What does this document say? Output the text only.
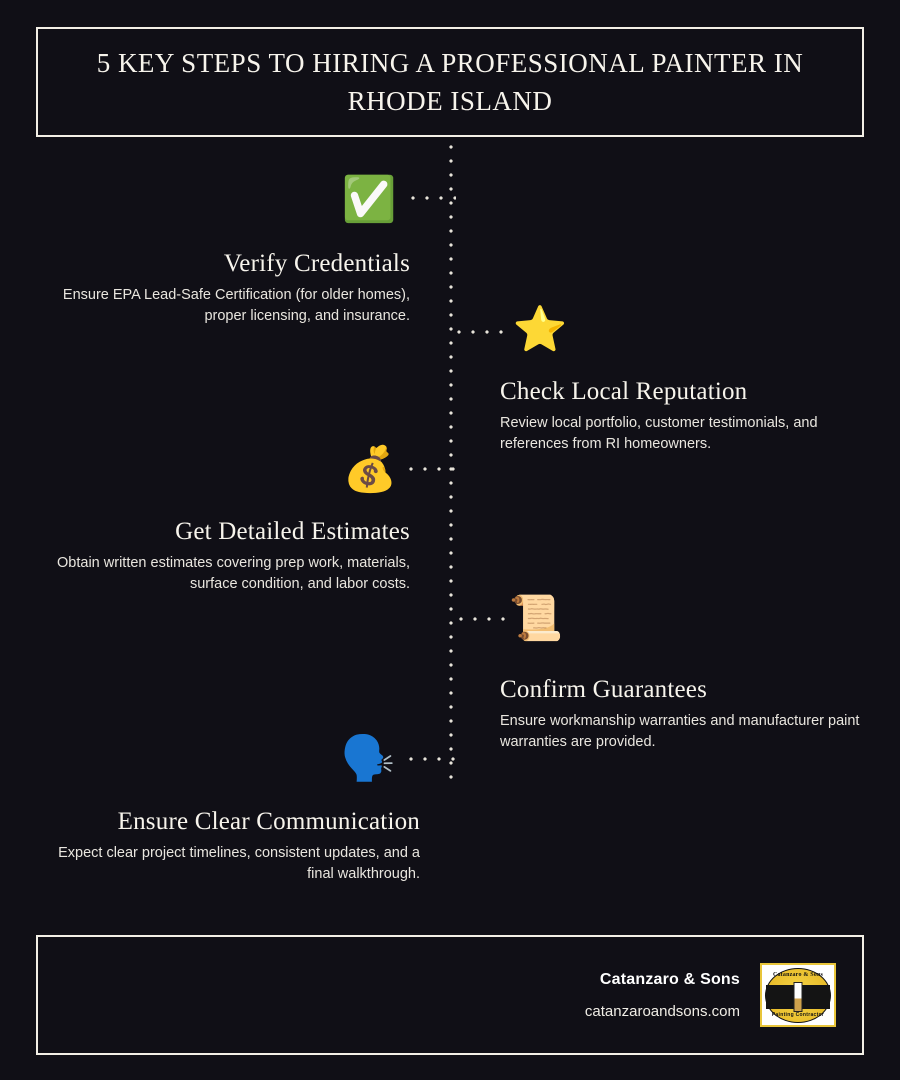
5 KEY STEPS TO HIRING A PROFESSIONAL PAINTER IN RHODE ISLAND
✅
⭐
💰
📜
🗣️
Verify Credentials
Ensure EPA Lead-Safe Certification (for older homes), proper licensing, and insurance.
Check Local Reputation
Review local portfolio, customer testimonials, and references from RI homeowners.
Get Detailed Estimates
Obtain written estimates covering prep work, materials, surface condition, and labor costs.
Confirm Guarantees
Ensure workmanship warranties and manufacturer paint warranties are provided.
Ensure Clear Communication
Expect clear project timelines, consistent updates, and a final walkthrough.
Catanzaro & Sons
catanzaroandsons.com
Catanzaro & Sons
Painting Contractor
